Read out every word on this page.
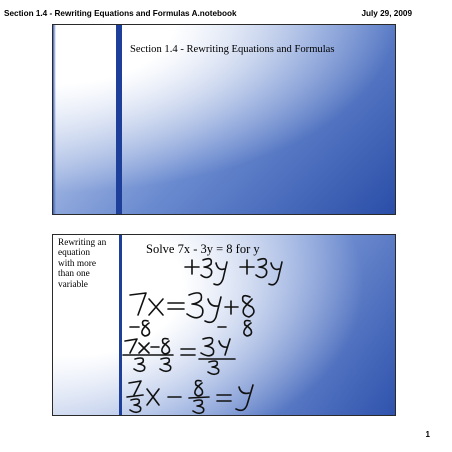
Section 1.4 - Rewriting Equations and Formulas A.notebook	July 29, 2009
Section 1.4 - Rewriting Equations and Formulas
Rewriting an
equation
with more
than one
variable
Solve 7x - 3y = 8 for y
1
